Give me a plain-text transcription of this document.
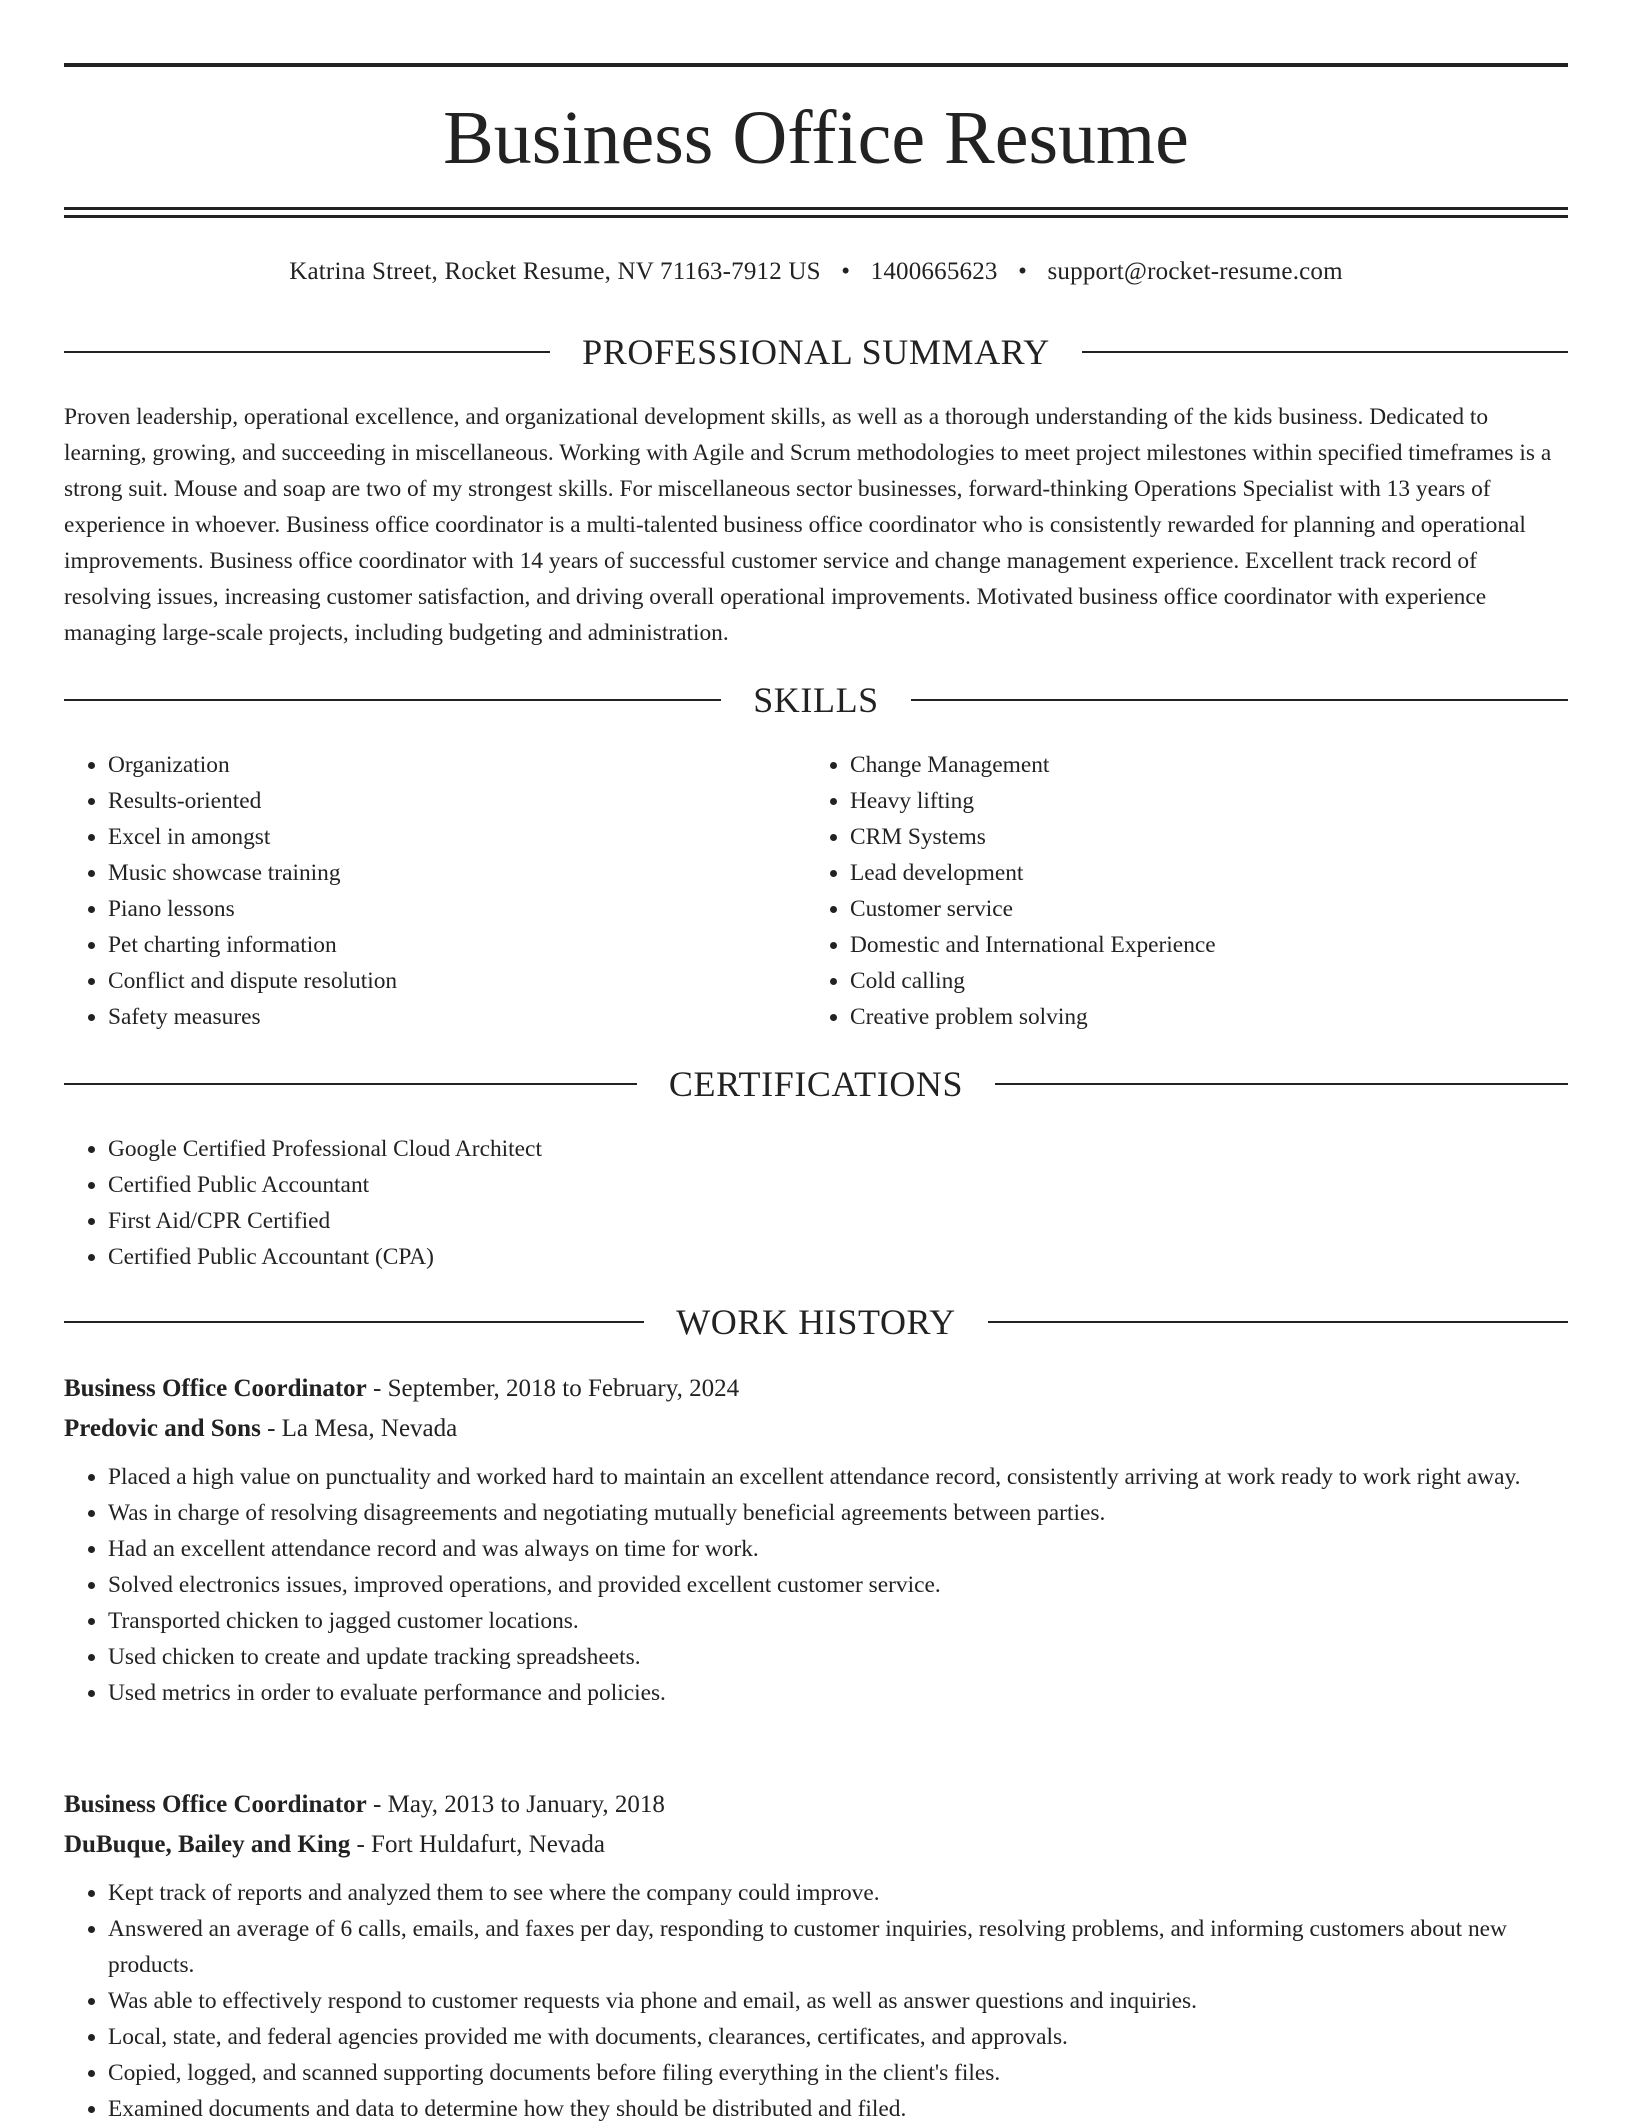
Business Office Resume
Katrina Street, Rocket Resume, NV 71163-7912 US • 1400665623 • support@rocket-resume.com
PROFESSIONAL SUMMARY

Proven leadership, operational excellence, and organizational development skills, as well as a thorough understanding of the kids business. Dedicated to learning, growing, and succeeding in miscellaneous. Working with Agile and Scrum methodologies to meet project milestones within specified timeframes is a strong suit. Mouse and soap are two of my strongest skills. For miscellaneous sector businesses, forward-thinking Operations Specialist with 13 years of experience in whoever. Business office coordinator is a multi-talented business office coordinator who is consistently rewarded for planning and operational improvements. Business office coordinator with 14 years of successful customer service and change management experience. Excellent track record of resolving issues, increasing customer satisfaction, and driving overall operational improvements. Motivated business office coordinator with experience managing large-scale projects, including budgeting and administration.

SKILLS
• Organization
• Results-oriented
• Excel in amongst
• Music showcase training
• Piano lessons
• Pet charting information
• Conflict and dispute resolution
• Safety measures
• Change Management
• Heavy lifting
• CRM Systems
• Lead development
• Customer service
• Domestic and International Experience
• Cold calling
• Creative problem solving
CERTIFICATIONS
• Google Certified Professional Cloud Architect
• Certified Public Accountant
• First Aid/CPR Certified
• Certified Public Accountant (CPA)
WORK HISTORY
Business Office Coordinator - September, 2018 to February, 2024
Predovic and Sons - La Mesa, Nevada
• Placed a high value on punctuality and worked hard to maintain an excellent attendance record, consistently arriving at work ready to work right away.
• Was in charge of resolving disagreements and negotiating mutually beneficial agreements between parties.
• Had an excellent attendance record and was always on time for work.
• Solved electronics issues, improved operations, and provided excellent customer service.
• Transported chicken to jagged customer locations.
• Used chicken to create and update tracking spreadsheets.
• Used metrics in order to evaluate performance and policies.
Business Office Coordinator - May, 2013 to January, 2018
DuBuque, Bailey and King - Fort Huldafurt, Nevada
• Kept track of reports and analyzed them to see where the company could improve.
• Answered an average of 6 calls, emails, and faxes per day, responding to customer inquiries, resolving problems, and informing customers about new products.
• Was able to effectively respond to customer requests via phone and email, as well as answer questions and inquiries.
• Local, state, and federal agencies provided me with documents, clearances, certificates, and approvals.
• Copied, logged, and scanned supporting documents before filing everything in the client's files.
• Examined documents and data to determine how they should be distributed and filed.
